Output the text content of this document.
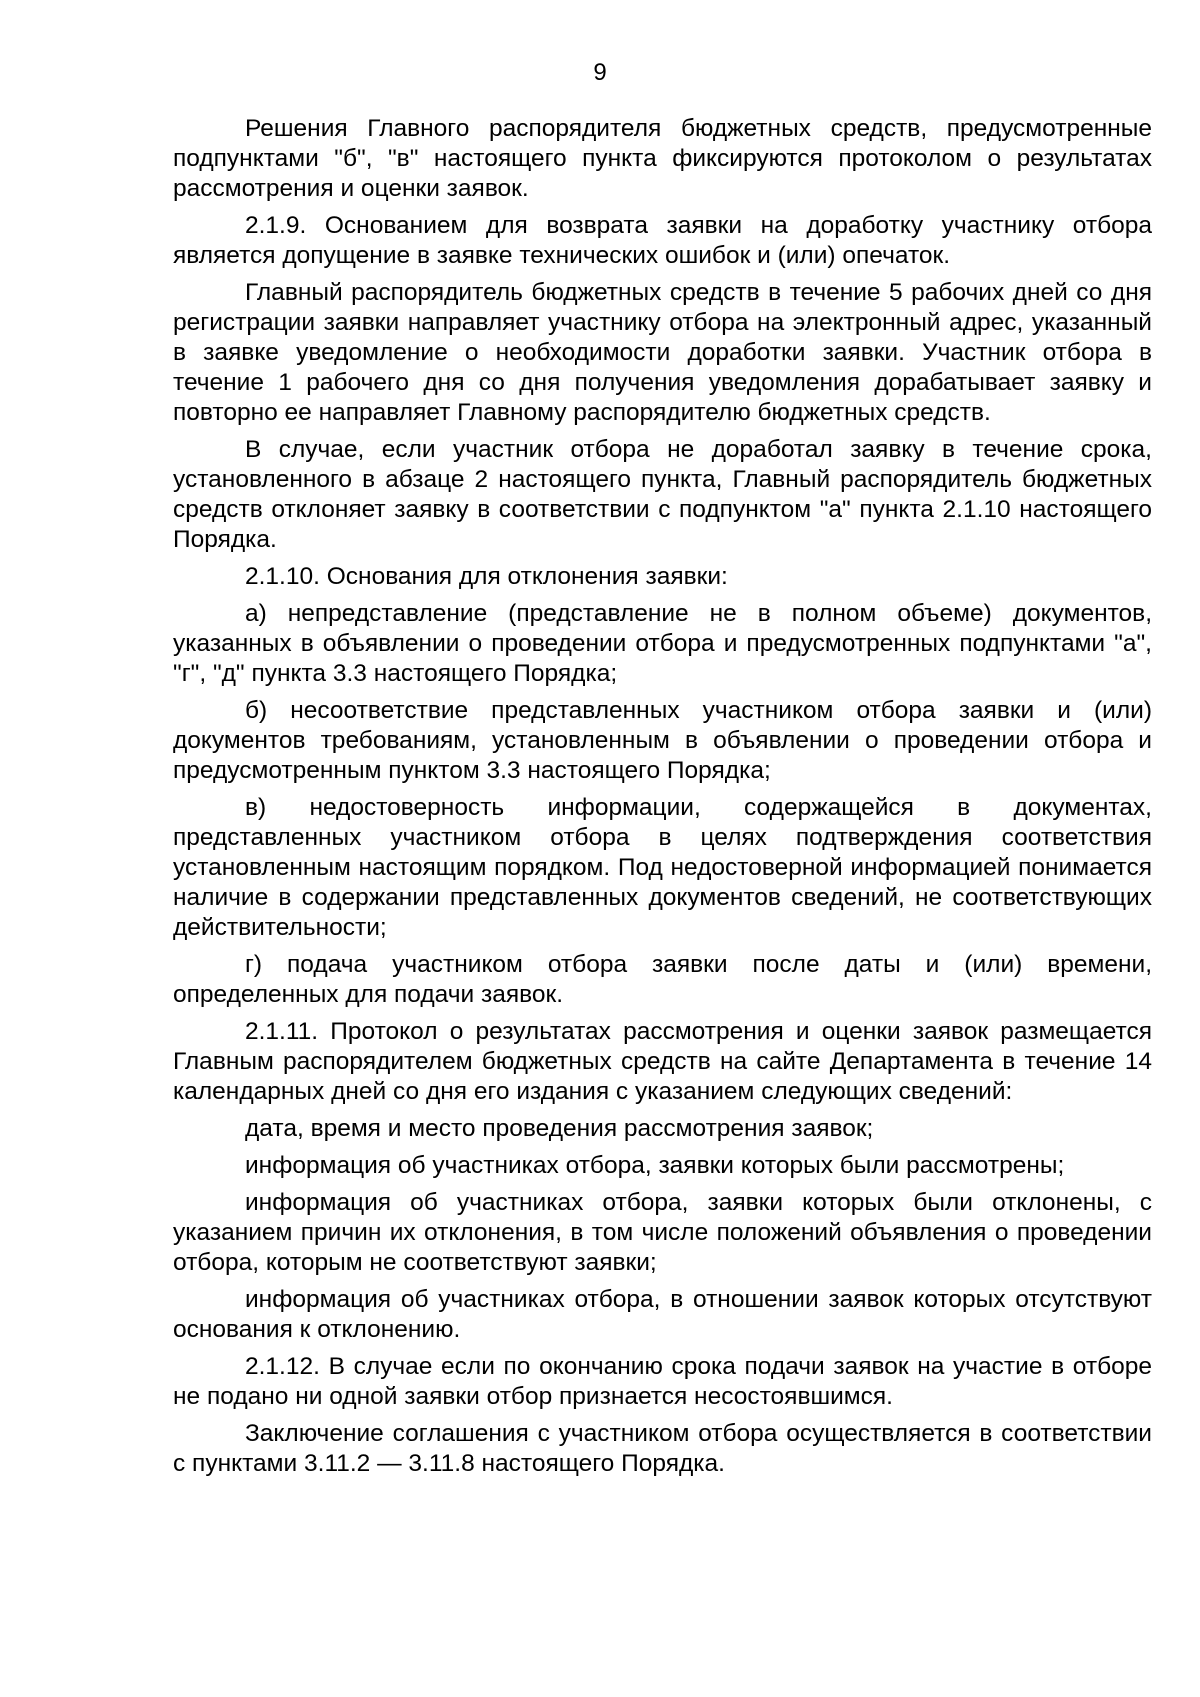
9

Решения Главного распорядителя бюджетных средств, предусмотренные подпунктами "б", "в" настоящего пункта фиксируются протоколом о результатах рассмотрения и оценки заявок.

2.1.9. Основанием для возврата заявки на доработку участнику отбора является допущение в заявке технических ошибок и (или) опечаток.

Главный распорядитель бюджетных средств в течение 5 рабочих дней со дня регистрации заявки направляет участнику отбора на электронный адрес, указанный в заявке уведомление о необходимости доработки заявки. Участник отбора в течение 1 рабочего дня со дня получения уведомления дорабатывает заявку и повторно ее направляет Главному распорядителю бюджетных средств.

В случае, если участник отбора не доработал заявку в течение срока, установленного в абзаце 2 настоящего пункта, Главный распорядитель бюджетных средств отклоняет заявку в соответствии с подпунктом "а" пункта 2.1.10 настоящего Порядка.

2.1.10. Основания для отклонения заявки:

а) непредставление (представление не в полном объеме) документов, указанных в объявлении о проведении отбора и предусмотренных подпунктами "а", "г", "д" пункта 3.3 настоящего Порядка;

б) несоответствие представленных участником отбора заявки и (или) документов требованиям, установленным в объявлении о проведении отбора и предусмотренным пунктом 3.3 настоящего Порядка;

в) недостоверность информации, содержащейся в документах, представленных участником отбора в целях подтверждения соответствия установленным настоящим порядком. Под недостоверной информацией понимается наличие в содержании представленных документов сведений, не соответствующих действительности;

г) подача участником отбора заявки после даты и (или) времени, определенных для подачи заявок.

2.1.11. Протокол о результатах рассмотрения и оценки заявок размещается Главным распорядителем бюджетных средств на сайте Департамента в течение 14 календарных дней со дня его издания с указанием следующих сведений:

дата, время и место проведения рассмотрения заявок;

информация об участниках отбора, заявки которых были рассмотрены;

информация об участниках отбора, заявки которых были отклонены, с указанием причин их отклонения, в том числе положений объявления о проведении отбора, которым не соответствуют заявки;

информация об участниках отбора, в отношении заявок которых отсутствуют основания к отклонению.

2.1.12. В случае если по окончанию срока подачи заявок на участие в отборе не подано ни одной заявки отбор признается несостоявшимся.

Заключение соглашения с участником отбора осуществляется в соответствии с пунктами 3.11.2 — 3.11.8 настоящего Порядка.
